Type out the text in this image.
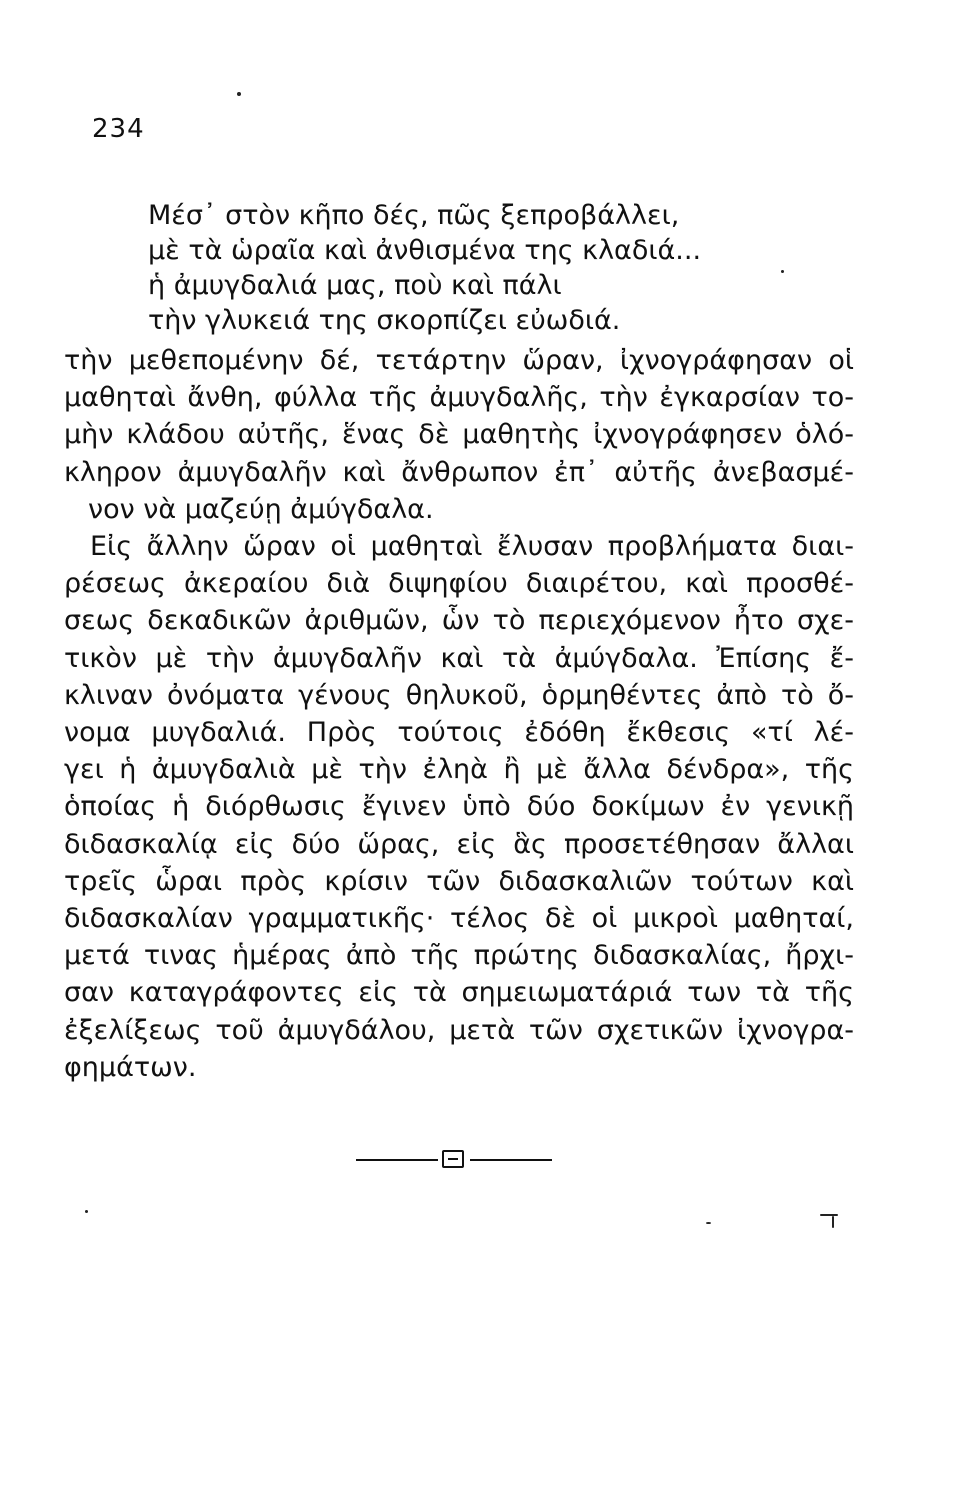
234
Μέσ᾽ στὸν κῆπο δές, πῶς ξεπροβάλλει,
μὲ τὰ ὡραῖα καὶ ἀνθισμένα της κλαδιά...
ἡ ἀμυγδαλιά μας, ποὺ καὶ πάλι
τὴν γλυκειά της σκορπίζει εὐωδιά.
τὴν μεθεπομένην δέ, τετάρτην ὥραν, ἰχνογράφησαν οἱ
μαθηταὶ ἄνθη, φύλλα τῆς ἀμυγδαλῆς, τὴν ἐγκαρσίαν το-
μὴν κλάδου αὐτῆς, ἕνας δὲ μαθητὴς ἰχνογράφησεν ὁλό-
κληρον ἀμυγδαλῆν καὶ ἄνθρωπον ἐπ᾽ αὐτῆς ἀνεβασμέ-
νον νὰ μαζεύῃ ἀμύγδαλα.
Εἰς ἄλλην ὥραν οἱ μαθηταὶ ἔλυσαν προβλήματα διαι-
ρέσεως ἀκεραίου διὰ διψηφίου διαιρέτου, καὶ προσθέ-
σεως δεκαδικῶν ἀριθμῶν, ὧν τὸ περιεχόμενον ἦτο σχε-
τικὸν μὲ τὴν ἀμυγδαλῆν καὶ τὰ ἀμύγδαλα. Ἐπίσης ἔ-
κλιναν ὀνόματα γένους θηλυκοῦ, ὁρμηθέντες ἀπὸ τὸ ὄ-
νομα μυγδαλιά. Πρὸς τούτοις ἐδόθη ἔκθεσις «τί λέ-
γει ἡ ἀμυγδαλιὰ μὲ τὴν ἐληὰ ἢ μὲ ἄλλα δένδρα», τῆς
ὁποίας ἡ διόρθωσις ἔγινεν ὑπὸ δύο δοκίμων ἐν γενικῇ
διδασκαλίᾳ εἰς δύο ὥρας, εἰς ἃς προσετέθησαν ἄλλαι
τρεῖς ὧραι πρὸς κρίσιν τῶν διδασκαλιῶν τούτων καὶ
διδασκαλίαν γραμματικῆς· τέλος δὲ οἱ μικροὶ μαθηταί,
μετά τινας ἡμέρας ἀπὸ τῆς πρώτης διδασκαλίας, ἤρχι-
σαν καταγράφοντες εἰς τὰ σημειωματάριά των τὰ τῆς
ἐξελίξεως τοῦ ἀμυγδάλου, μετὰ τῶν σχετικῶν ἰχνογρα-
φημάτων.
